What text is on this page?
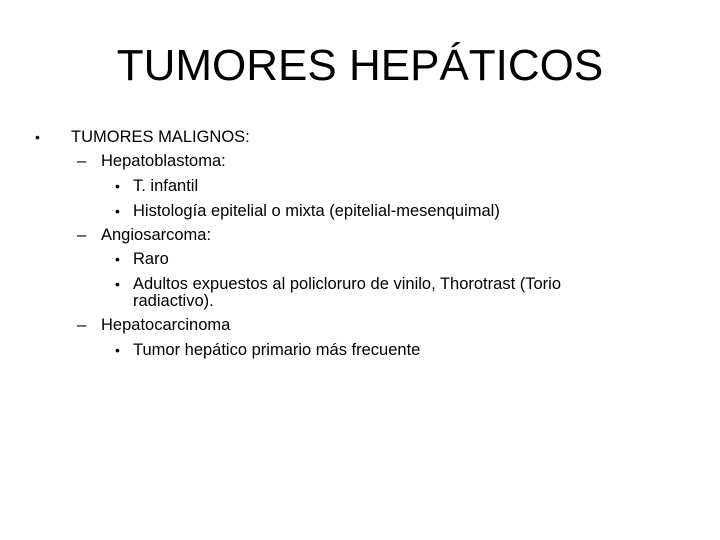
TUMORES HEPÁTICOS
• TUMORES MALIGNOS:
– Hepatoblastoma:
• T. infantil
• Histología epitelial o mixta (epitelial-mesenquimal)
– Angiosarcoma:
• Raro
• Adultos expuestos al policloruro de vinilo, Thorotrast (Torio
radiactivo).
– Hepatocarcinoma
• Tumor hepático primario más frecuente
